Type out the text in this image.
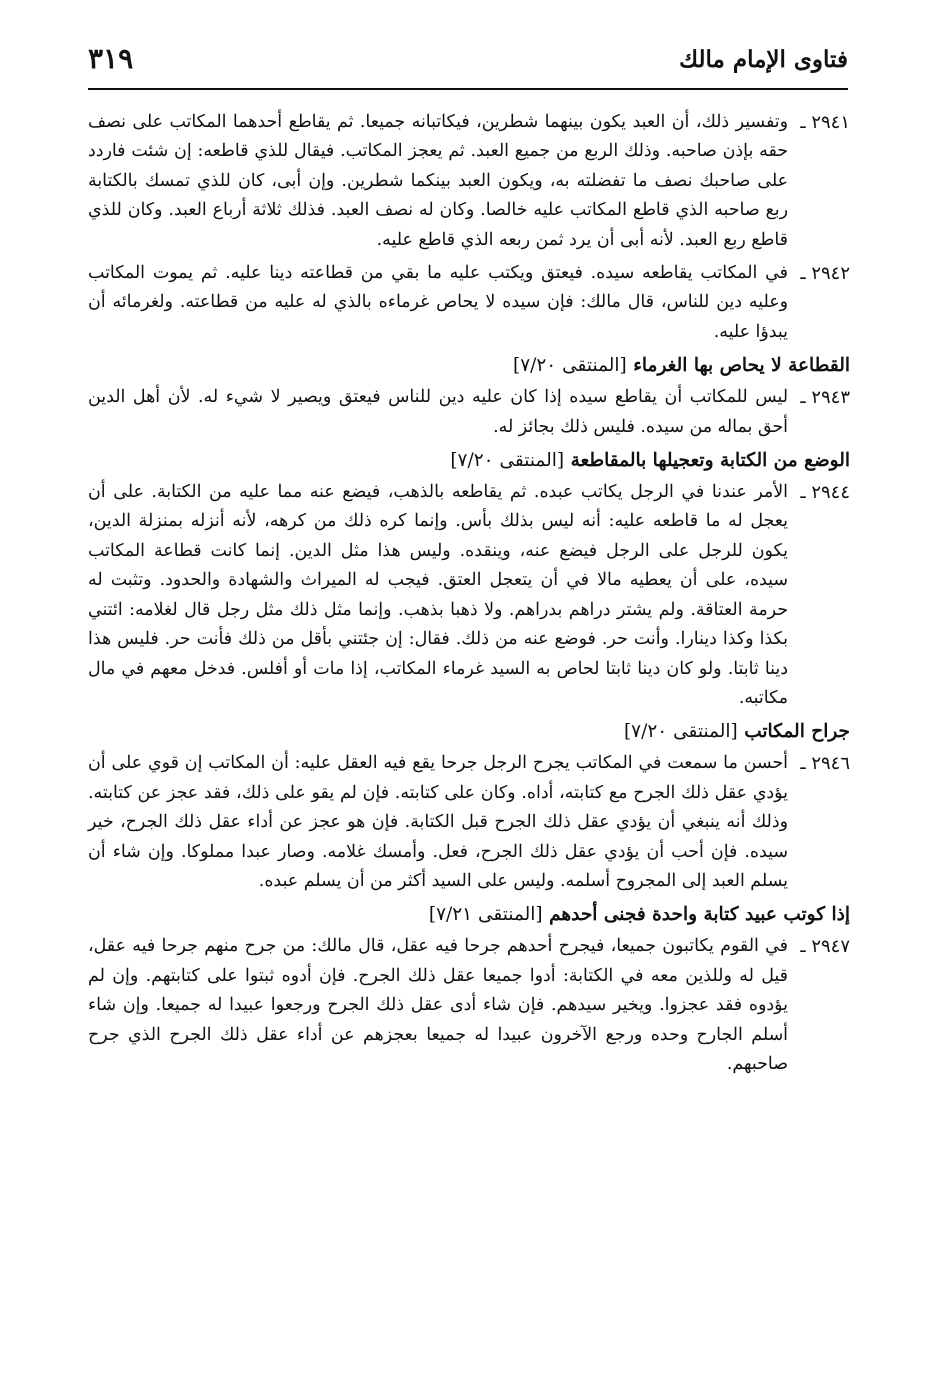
فتاوى الإمام مالك
٣١٩
٢٩٤١ ـ
وتفسير ذلك، أن العبد يكون بينهما شطرين، فيكاتبانه جميعا. ثم يقاطع أحدهما المكاتب على نصف حقه بإذن صاحبه. وذلك الربع من جميع العبد. ثم يعجز المكاتب. فيقال للذي قاطعه: إن شئت فاردد على صاحبك نصف ما تفضلته به، ويكون العبد بينكما شطرين. وإن أبى، كان للذي تمسك بالكتابة ربع صاحبه الذي قاطع المكاتب عليه خالصا. وكان له نصف العبد. فذلك ثلاثة أرباع العبد. وكان للذي قاطع ربع العبد. لأنه أبى أن يرد ثمن ربعه الذي قاطع عليه.
٢٩٤٢ ـ
في المكاتب يقاطعه سيده. فيعتق ويكتب عليه ما بقي من قطاعته دينا عليه. ثم يموت المكاتب وعليه دين للناس، قال مالك: فإن سيده لا يحاص غرماءه بالذي له عليه من قطاعته. ولغرمائه أن يبدؤا عليه.
القطاعة لا يحاص بها الغرماء [المنتقى ٧/٢٠]
٢٩٤٣ ـ
ليس للمكاتب أن يقاطع سيده إذا كان عليه دين للناس فيعتق ويصير لا شيء له. لأن أهل الدين أحق بماله من سيده. فليس ذلك بجائز له.
الوضع من الكتابة وتعجيلها بالمقاطعة [المنتقى ٧/٢٠]
٢٩٤٤ ـ
الأمر عندنا في الرجل يكاتب عبده. ثم يقاطعه بالذهب، فيضع عنه مما عليه من الكتابة. على أن يعجل له ما قاطعه عليه: أنه ليس بذلك بأس. وإنما كره ذلك من كرهه، لأنه أنزله بمنزلة الدين، يكون للرجل على الرجل فيضع عنه، وينقده. وليس هذا مثل الدين. إنما كانت قطاعة المكاتب سيده، على أن يعطيه مالا في أن يتعجل العتق. فيجب له الميراث والشهادة والحدود. وتثبت له حرمة العتاقة. ولم يشتر دراهم بدراهم. ولا ذهبا بذهب. وإنما مثل ذلك مثل رجل قال لغلامه: ائتني بكذا وكذا دينارا. وأنت حر. فوضع عنه من ذلك. فقال: إن جئتني بأقل من ذلك فأنت حر. فليس هذا دينا ثابتا. ولو كان دينا ثابتا لحاص به السيد غرماء المكاتب، إذا مات أو أفلس. فدخل معهم في مال مكاتبه.
جراح المكاتب [المنتقى ٧/٢٠]
٢٩٤٦ ـ
أحسن ما سمعت في المكاتب يجرح الرجل جرحا يقع فيه العقل عليه: أن المكاتب إن قوي على أن يؤدي عقل ذلك الجرح مع كتابته، أداه. وكان على كتابته. فإن لم يقو على ذلك، فقد عجز عن كتابته. وذلك أنه ينبغي أن يؤدي عقل ذلك الجرح قبل الكتابة. فإن هو عجز عن أداء عقل ذلك الجرح، خير سيده. فإن أحب أن يؤدي عقل ذلك الجرح، فعل. وأمسك غلامه. وصار عبدا مملوكا. وإن شاء أن يسلم العبد إلى المجروح أسلمه. وليس على السيد أكثر من أن يسلم عبده.
إذا كوتب عبيد كتابة واحدة فجنى أحدهم [المنتقى ٧/٢١]
٢٩٤٧ ـ
في القوم يكاتبون جميعا، فيجرح أحدهم جرحا فيه عقل، قال مالك: من جرح منهم جرحا فيه عقل، قيل له وللذين معه في الكتابة: أدوا جميعا عقل ذلك الجرح. فإن أدوه ثبتوا على كتابتهم. وإن لم يؤدوه فقد عجزوا. ويخير سيدهم. فإن شاء أدى عقل ذلك الجرح ورجعوا عبيدا له جميعا. وإن شاء أسلم الجارح وحده ورجع الآخرون عبيدا له جميعا بعجزهم عن أداء عقل ذلك الجرح الذي جرح صاحبهم.
